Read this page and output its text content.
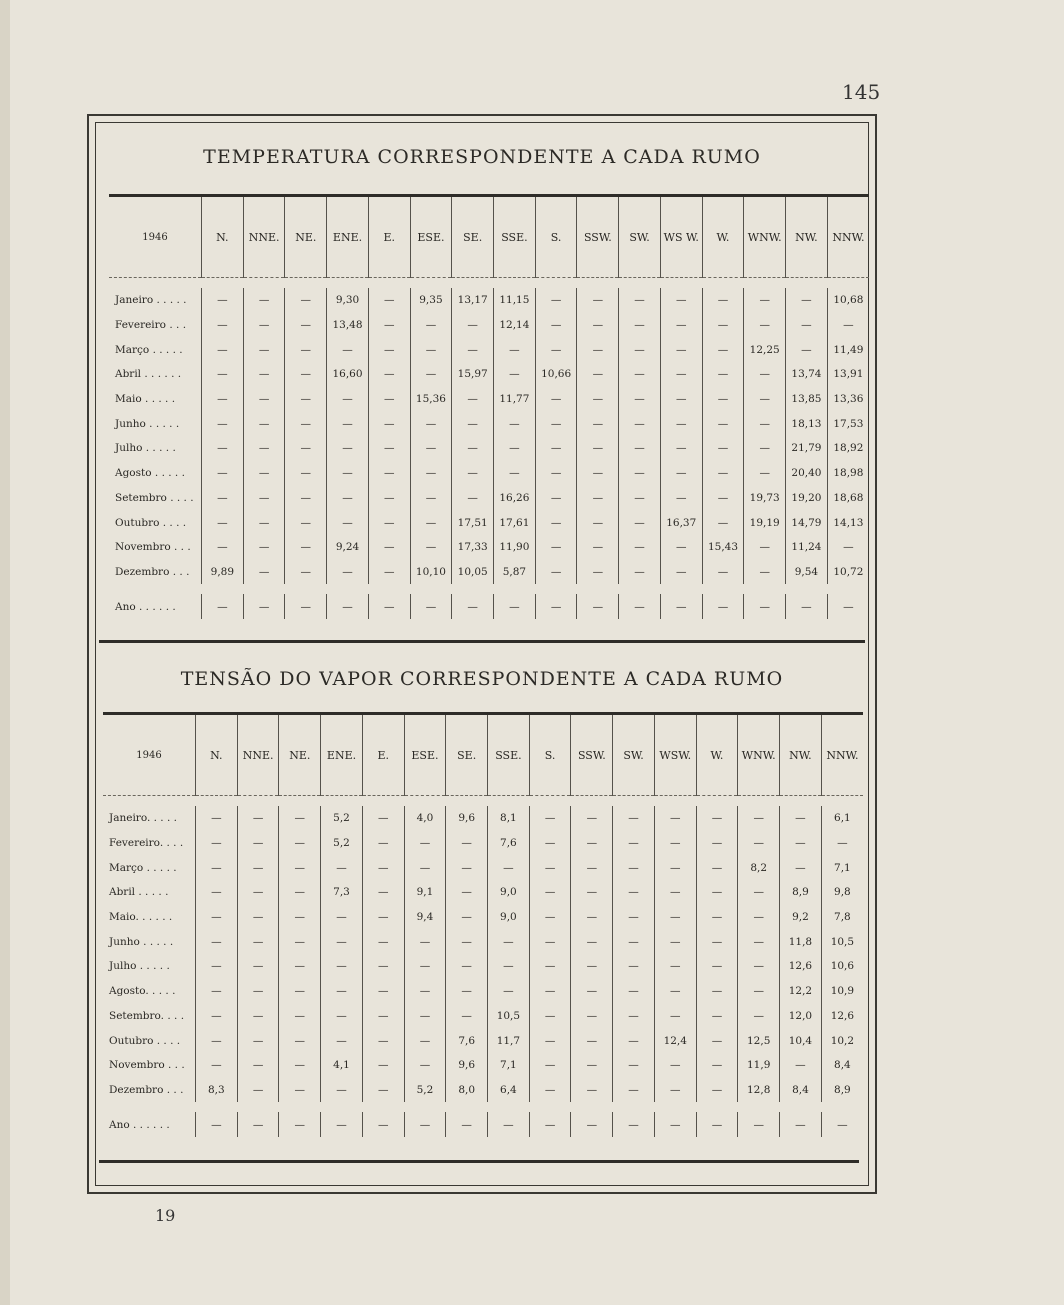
145
TEMPERATURA CORRESPONDENTE A CADA RUMO
1946	N.	NNE.	NE.	ENE.	E.	ESE.	SE.	SSE.	S.	SSW.	SW.	WS W.	W.	WNW.	NW.	NNW.

Janeiro . . . . .	—	—	—	9,30	—	9,35	13,17	11,15	—	—	—	—	—	—	—	10,68
Fevereiro . . .	—	—	—	13,48	—	—	—	12,14	—	—	—	—	—	—	—	—
Março . . . . .	—	—	—	—	—	—	—	—	—	—	—	—	—	12,25	—	11,49
Abril . . . . . .	—	—	—	16,60	—	—	15,97	—	10,66	—	—	—	—	—	13,74	13,91
Maio . . . . .	—	—	—	—	—	15,36	—	11,77	—	—	—	—	—	—	13,85	13,36
Junho . . . . .	—	—	—	—	—	—	—	—	—	—	—	—	—	—	18,13	17,53
Julho . . . . .	—	—	—	—	—	—	—	—	—	—	—	—	—	—	21,79	18,92
Agosto . . . . .	—	—	—	—	—	—	—	—	—	—	—	—	—	—	20,40	18,98
Setembro . . . .	—	—	—	—	—	—	—	16,26	—	—	—	—	—	19,73	19,20	18,68
Outubro . . . .	—	—	—	—	—	—	17,51	17,61	—	—	—	16,37	—	19,19	14,79	14,13
Novembro . . .	—	—	—	9,24	—	—	17,33	11,90	—	—	—	—	15,43	—	11,24	—
Dezembro . . .	9,89	—	—	—	—	10,10	10,05	5,87	—	—	—	—	—	—	9,54	10,72

Ano . . . . . .	—	—	—	—	—	—	—	—	—	—	—	—	—	—	—	—
TENSÃO DO VAPOR CORRESPONDENTE A CADA RUMO
1946	N.	NNE.	NE.	ENE.	E.	ESE.	SE.	SSE.	S.	SSW.	SW.	WSW.	W.	WNW.	NW.	NNW.

Janeiro. . . . .	—	—	—	5,2	—	4,0	9,6	8,1	—	—	—	—	—	—	—	6,1
Fevereiro. . . .	—	—	—	5,2	—	—	—	7,6	—	—	—	—	—	—	—	—
Março . . . . .	—	—	—	—	—	—	—	—	—	—	—	—	—	8,2	—	7,1
Abril . . . . .	—	—	—	7,3	—	9,1	—	9,0	—	—	—	—	—	—	8,9	9,8
Maio. . . . . .	—	—	—	—	—	9,4	—	9,0	—	—	—	—	—	—	9,2	7,8
Junho . . . . .	—	—	—	—	—	—	—	—	—	—	—	—	—	—	11,8	10,5
Julho . . . . .	—	—	—	—	—	—	—	—	—	—	—	—	—	—	12,6	10,6
Agosto. . . . .	—	—	—	—	—	—	—	—	—	—	—	—	—	—	12,2	10,9
Setembro. . . .	—	—	—	—	—	—	—	10,5	—	—	—	—	—	—	12,0	12,6
Outubro . . . .	—	—	—	—	—	—	7,6	11,7	—	—	—	12,4	—	12,5	10,4	10,2
Novembro . . .	—	—	—	4,1	—	—	9,6	7,1	—	—	—	—	—	11,9	—	8,4
Dezembro . . .	8,3	—	—	—	—	5,2	8,0	6,4	—	—	—	—	—	12,8	8,4	8,9

Ano . . . . . .	—	—	—	—	—	—	—	—	—	—	—	—	—	—	—	—
19
